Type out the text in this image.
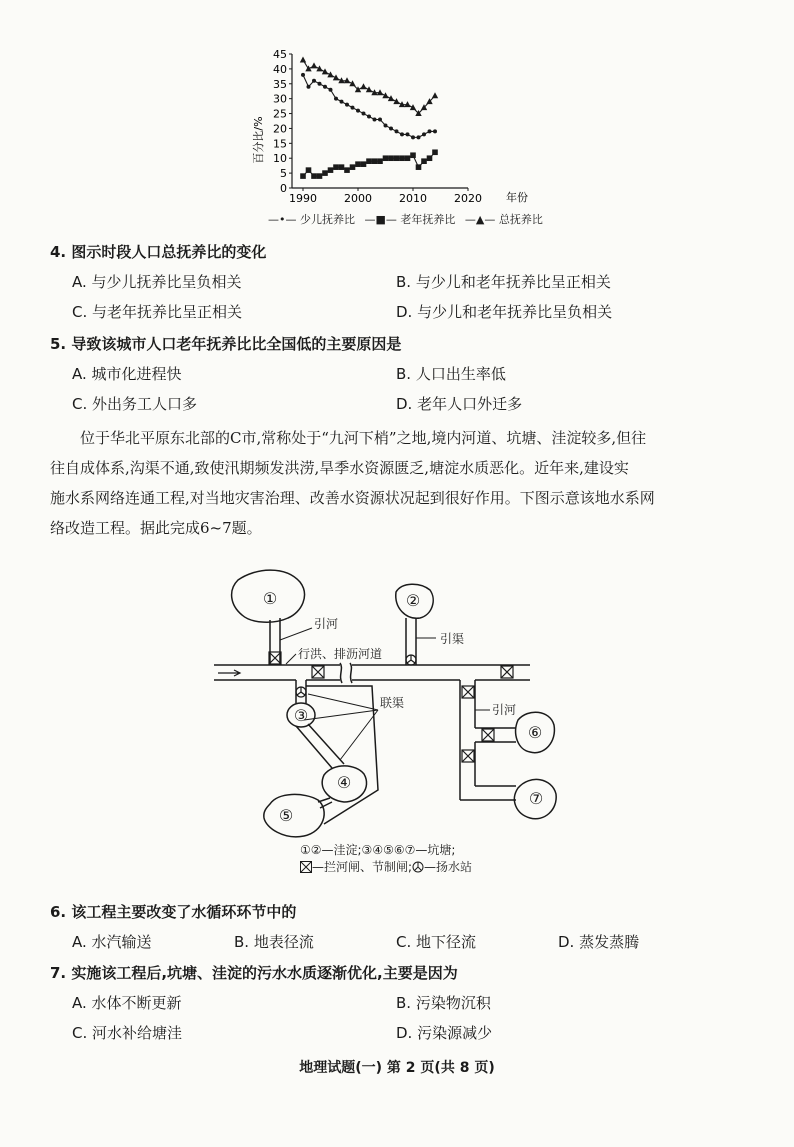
0
5
10
15
20
25
30
35
40
45
1990 2000 2010 2020
百分比/%
年份
—•— 少儿抚养比 —■— 老年抚养比 —▲— 总抚养比
4. 图示时段人口总抚养比的变化
A. 与少儿抚养比呈负相关	B. 与少儿和老年抚养比呈正相关
C. 与老年抚养比呈正相关	D. 与少儿和老年抚养比呈负相关
5. 导致该城市人口老年抚养比比全国低的主要原因是
A. 城市化进程快	B. 人口出生率低
C. 外出务工人口多	D. 老年人口外迁多

位于华北平原东北部的C市,常称处于“九河下梢”之地,境内河道、坑塘、洼淀较多,但往

往自成体系,沟渠不通,致使汛期频发洪涝,旱季水资源匮乏,塘淀水质恶化。近年来,建设实

施水系网络连通工程,对当地灾害治理、改善水资源状况起到很好作用。下图示意该地水系网

络改造工程。据此完成6~7题。

①	②
③
④
⑤
⑥
⑦
引河
引渠
行洪、排沥河道
联渠	引河
①②—洼淀;③④⑤⑥⑦—坑塘;
—拦河闸、节制闸; —扬水站
6. 该工程主要改变了水循环环节中的
A. 水汽输送	B. 地表径流	C. 地下径流	D. 蒸发蒸腾
7. 实施该工程后,坑塘、洼淀的污水水质逐渐优化,主要是因为
A. 水体不断更新	B. 污染物沉积
C. 河水补给塘洼	D. 污染源减少
地理试题(一) 第 2 页(共 8 页)
